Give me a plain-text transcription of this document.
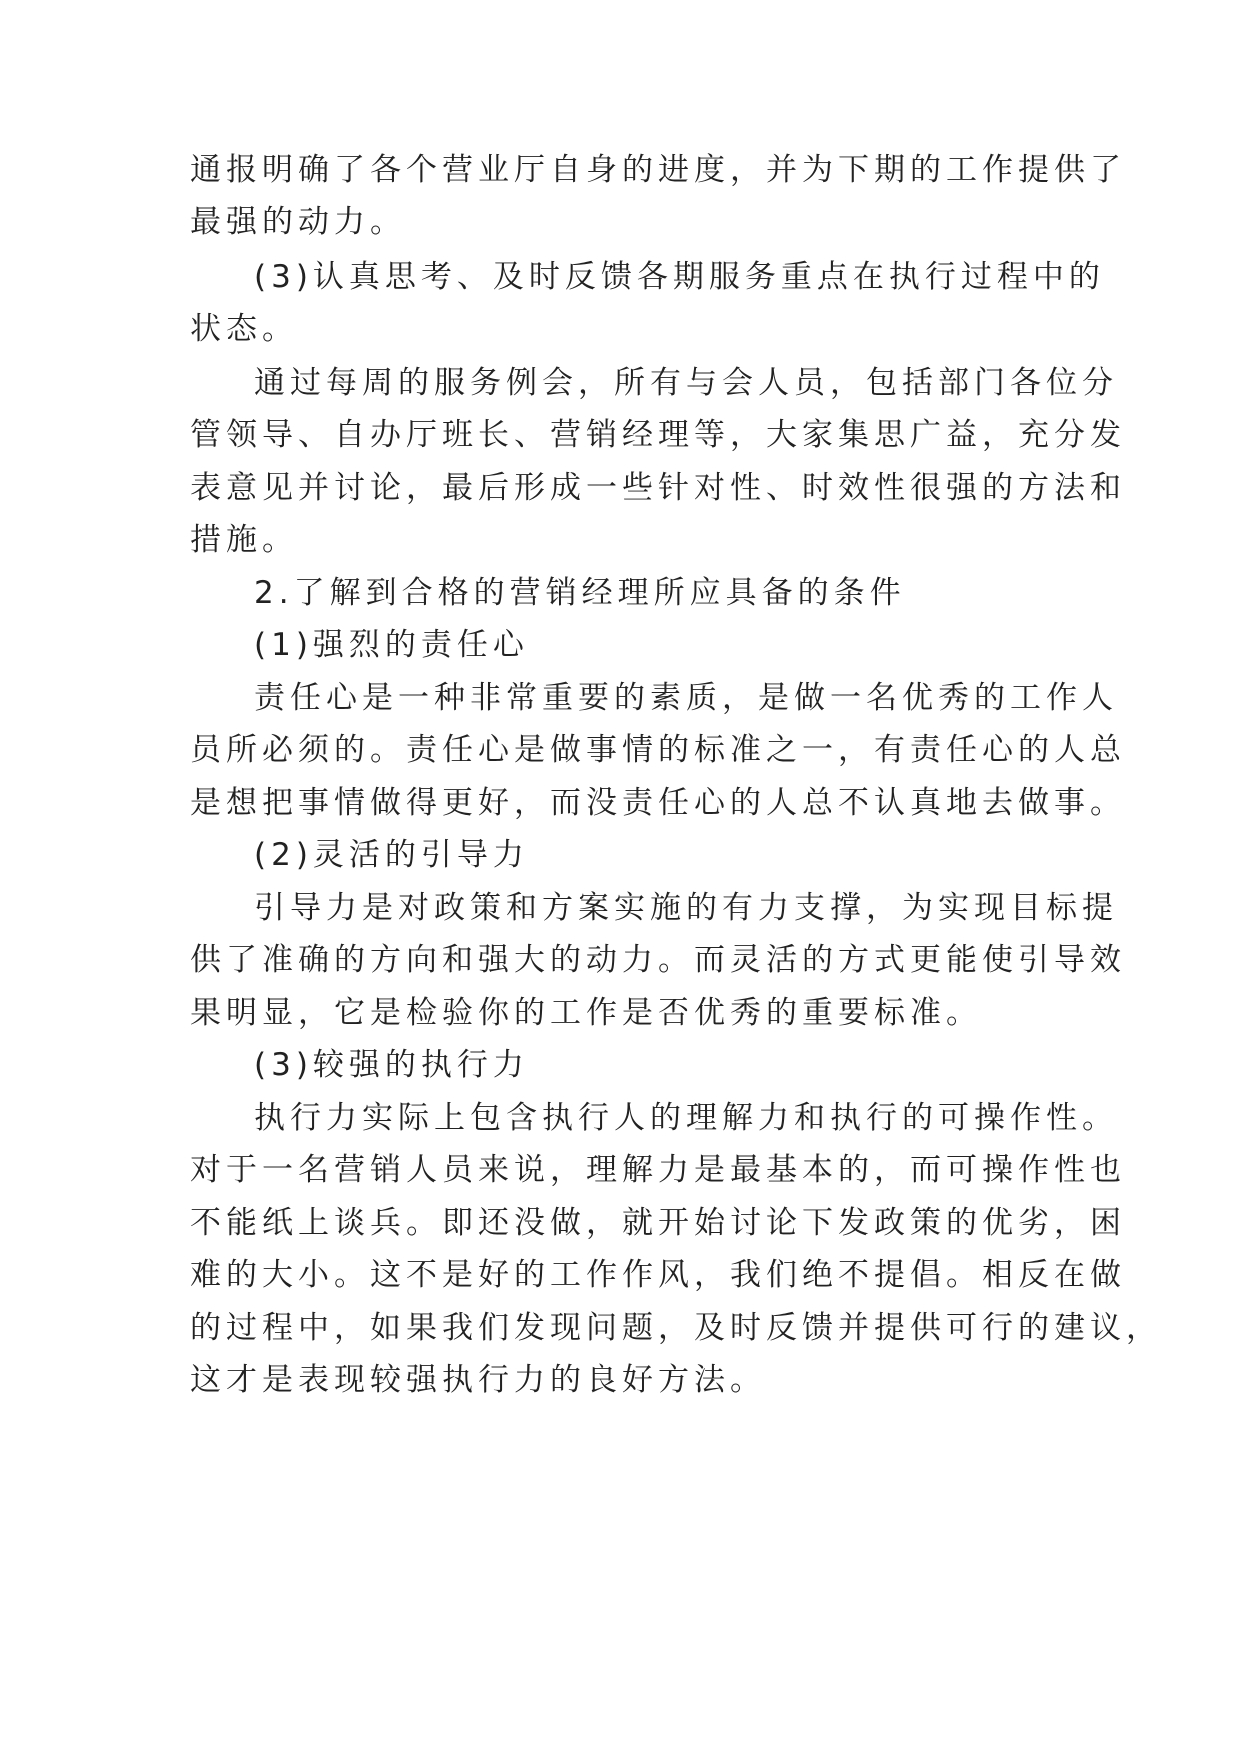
通报明确了各个营业厅自身的进度，并为下期的工作提供了
最强的动力。
(3)认真思考、及时反馈各期服务重点在执行过程中的
状态。
通过每周的服务例会，所有与会人员，包括部门各位分
管领导、自办厅班长、营销经理等，大家集思广益，充分发
表意见并讨论，最后形成一些针对性、时效性很强的方法和
措施。
2.了解到合格的营销经理所应具备的条件
(1)强烈的责任心
责任心是一种非常重要的素质，是做一名优秀的工作人
员所必须的。责任心是做事情的标准之一，有责任心的人总
是想把事情做得更好，而没责任心的人总不认真地去做事。
(2)灵活的引导力
引导力是对政策和方案实施的有力支撑，为实现目标提
供了准确的方向和强大的动力。而灵活的方式更能使引导效
果明显，它是检验你的工作是否优秀的重要标准。
(3)较强的执行力
执行力实际上包含执行人的理解力和执行的可操作性。
对于一名营销人员来说，理解力是最基本的，而可操作性也
不能纸上谈兵。即还没做，就开始讨论下发政策的优劣，困
难的大小。这不是好的工作作风，我们绝不提倡。相反在做
的过程中，如果我们发现问题，及时反馈并提供可行的建议，
这才是表现较强执行力的良好方法。
